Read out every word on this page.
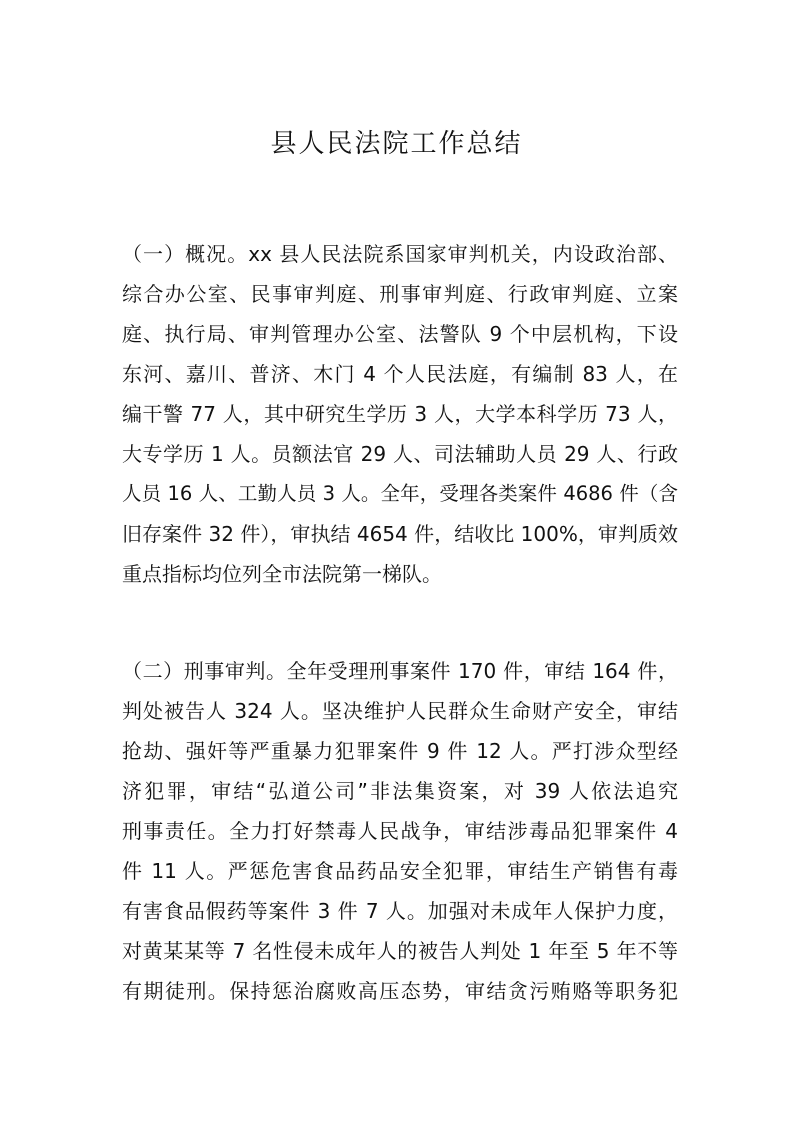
县人民法院工作总结
（一）概况。xx 县人民法院系国家审判机关，内设政治部、
综合办公室、民事审判庭、刑事审判庭、行政审判庭、立案
庭、执行局、审判管理办公室、法警队 9 个中层机构，下设
东河、嘉川、普济、木门 4 个人民法庭，有编制 83 人，在
编干警 77 人，其中研究生学历 3 人，大学本科学历 73 人，
大专学历 1 人。员额法官 29 人、司法辅助人员 29 人、行政
人员 16 人、工勤人员 3 人。全年，受理各类案件 4686 件（含
旧存案件 32 件），审执结 4654 件，结收比 100%，审判质效
重点指标均位列全市法院第一梯队。
（二）刑事审判。全年受理刑事案件 170 件，审结 164 件，
判处被告人 324 人。坚决维护人民群众生命财产安全，审结
抢劫、强奸等严重暴力犯罪案件 9 件 12 人。严打涉众型经
济犯罪，审结“弘道公司”非法集资案，对 39 人依法追究
刑事责任。全力打好禁毒人民战争，审结涉毒品犯罪案件 4
件 11 人。严惩危害食品药品安全犯罪，审结生产销售有毒
有害食品假药等案件 3 件 7 人。加强对未成年人保护力度，
对黄某某等 7 名性侵未成年人的被告人判处 1 年至 5 年不等
有期徒刑。保持惩治腐败高压态势，审结贪污贿赂等职务犯
